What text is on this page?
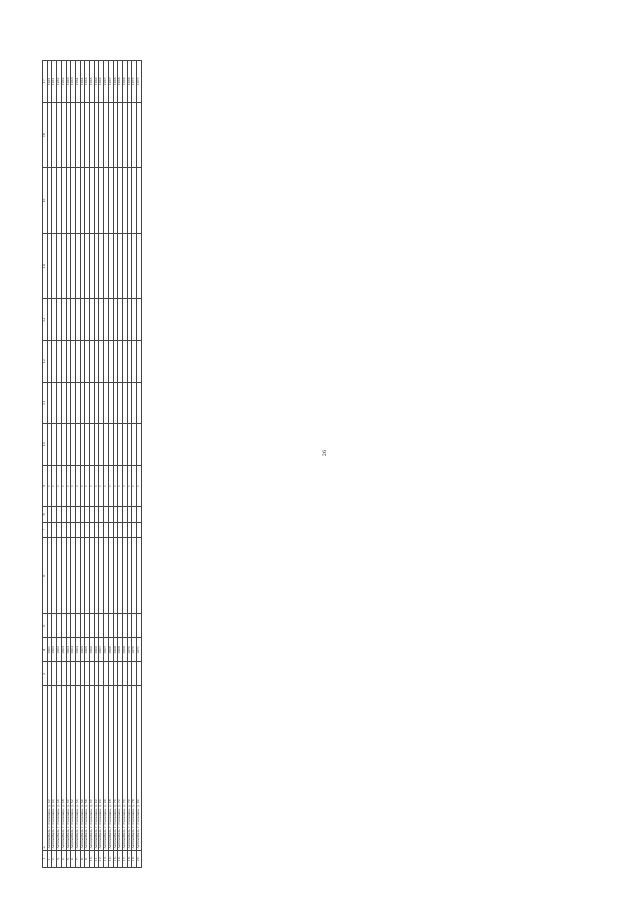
26
1	2	3	4	5	6	7	8	9	10	11	12	13	14	15	16	17
1.	Автомобиль г. Сосновка, д. 42		1961					1								1961
2.	Автомобиль г. Сосновка, д. 44		1962					1								1961
3.	Автомобиль г. Сосновка, д. 46		1962					1								1962
4.	Автомобиль г. Сосновка, д. 48		1963					1								1962
5.	Автомобиль г. Сосновка, д. 50		1963					1								1963
6.	Автомобиль г. Сосновка, д. 52		1964					1								1963
7.	Автомобиль г. Сосновка, д. 54		1964					1								1964
8.	Автомобиль г. Сосновка, д. 56		1965					1								1964
9.	Автомобиль г. Сосновка, д. 58		1965					1								1965
10.	Автомобиль г. Сосновка, д. 60		1966					1								1965
11.	Автомобиль г. Сосновка, д. 62		1966					1								1966
12.	Автомобиль г. Сосновка, д. 64		1967					1								1966
13.	Автомобиль г. Сосновка, д. 66		1967					1								1967
14.	Автомобиль г. Сосновка, д. 68		1968					1								1967
15.	Автомобиль г. Сосновка, д. 70		1968					1								1968
16.	Автомобиль г. Сосновка, д. 72		1969					1								1968
17.	Автомобиль г. Сосновка, д. 74		1969					1								1969
18.	Автомобиль г. Сосновка, д. 76		1970					1								1969
19.	Автомобиль г. Сосновка, д. 78		1970					1								1970
20.	Автомобиль г. Сосновка, д. 80		1971					1								1970
